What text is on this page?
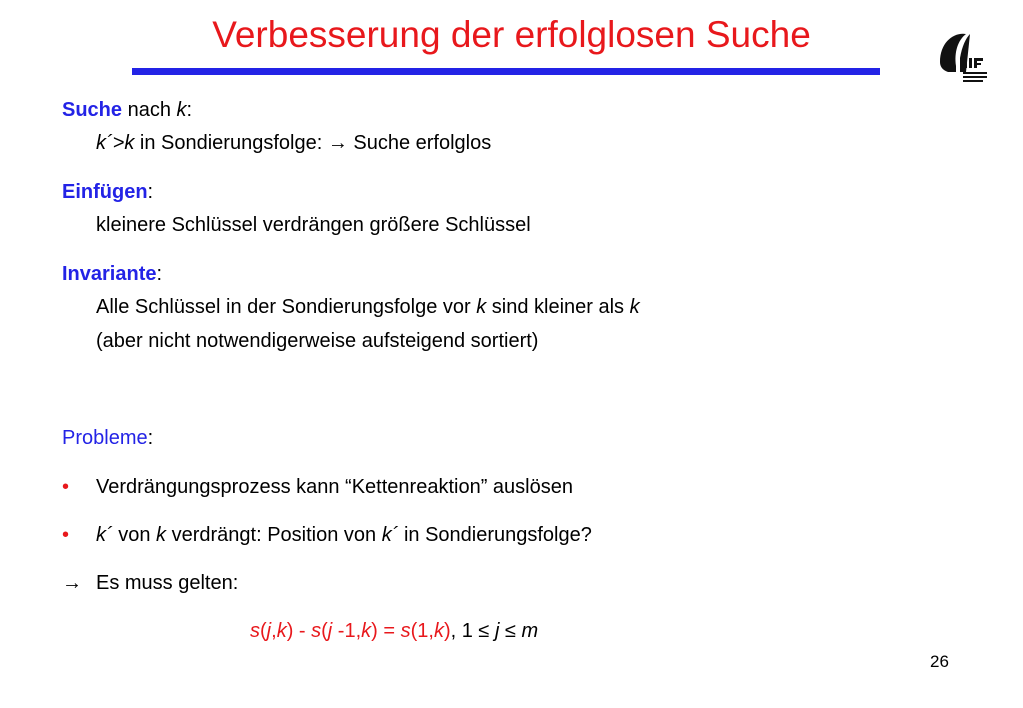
Verbesserung der erfolglosen Suche
Suche nach k:
k´>k in Sondierungsfolge: → Suche erfolglos
Einfügen:
kleinere Schlüssel verdrängen größere Schlüssel
Invariante:
Alle Schlüssel in der Sondierungsfolge vor k sind kleiner als k
(aber nicht notwendigerweise aufsteigend sortiert)
Probleme:
• Verdrängungsprozess kann “Kettenreaktion” auslösen
• k´ von k verdrängt: Position von k´ in Sondierungsfolge?
→ Es muss gelten:
s(j,k) - s(j -1,k) = s(1,k), 1 ≤ j ≤ m
26
